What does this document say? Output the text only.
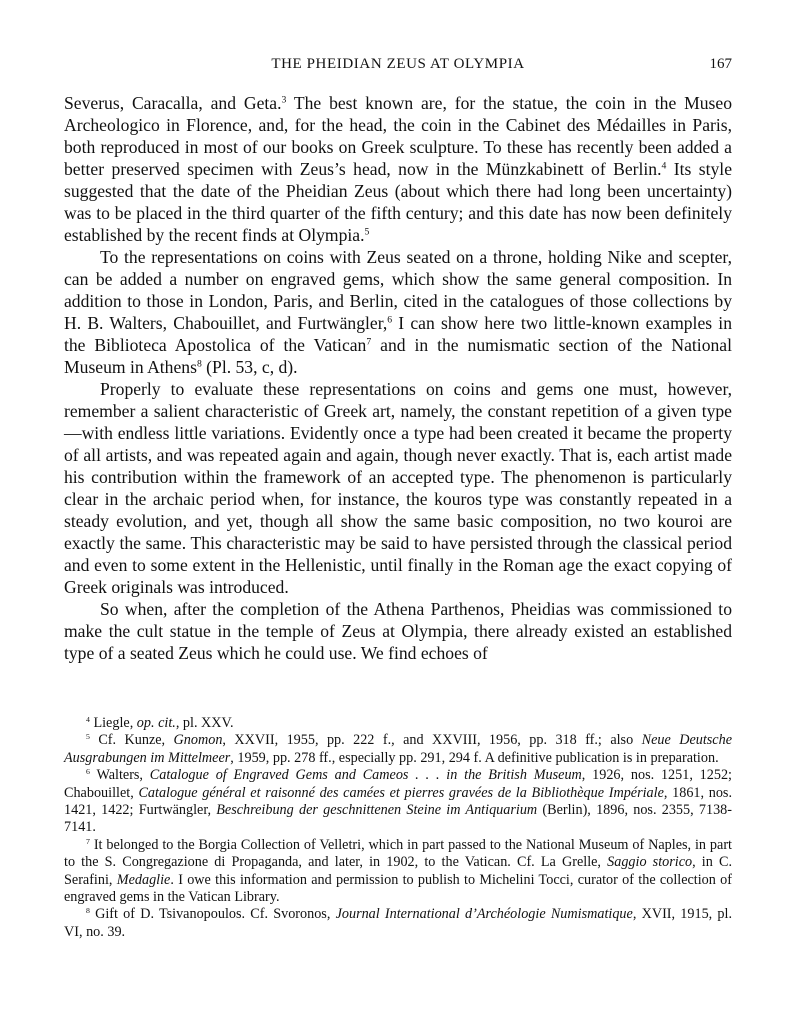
THE PHEIDIAN ZEUS AT OLYMPIA	167

Severus, Caracalla, and Geta.$^3$ The best known are, for the statue, the coin in the Museo Archeologico in Florence, and, for the head, the coin in the Cabinet des Médailles in Paris, both reproduced in most of our books on Greek sculpture. To these has recently been added a better preserved specimen with Zeus’s head, now in the Münzkabinett of Berlin.$^4$ Its style suggested that the date of the Pheidian Zeus (about which there had long been uncertainty) was to be placed in the third quarter of the fifth century; and this date has now been definitely established by the recent finds at Olympia.$^5$

To the representations on coins with Zeus seated on a throne, holding Nike and scepter, can be added a number on engraved gems, which show the same general composition. In addition to those in London, Paris, and Berlin, cited in the catalogues of those collections by H. B. Walters, Chabouillet, and Furtwängler,$^6$ I can show here two little-known examples in the Biblioteca Apostolica of the Vatican$^7$ and in the numismatic section of the National Museum in Athens$^8$ (Pl. 53, c, d).

Properly to evaluate these representations on coins and gems one must, however, remember a salient characteristic of Greek art, namely, the constant repetition of a given type—with endless little variations. Evidently once a type had been created it became the property of all artists, and was repeated again and again, though never exactly. That is, each artist made his contribution within the framework of an accepted type. The phenomenon is particularly clear in the archaic period when, for instance, the kouros type was constantly repeated in a steady evolution, and yet, though all show the same basic composition, no two kouroi are exactly the same. This characteristic may be said to have persisted through the classical period and even to some extent in the Hellenistic, until finally in the Roman age the exact copying of Greek originals was introduced.

So when, after the completion of the Athena Parthenos, Pheidias was commissioned to make the cult statue in the temple of Zeus at Olympia, there already existed an established type of a seated Zeus which he could use. We find echoes of

$^4$ Liegle, op. cit., pl. XXV.

$^5$ Cf. Kunze, Gnomon, XXVII, 1955, pp. 222 f., and XXVIII, 1956, pp. 318 ff.; also Neue Deutsche Ausgrabungen im Mittelmeer, 1959, pp. 278 ff., especially pp. 291, 294 f. A definitive publication is in preparation.

$^6$ Walters, Catalogue of Engraved Gems and Cameos . . . in the British Museum, 1926, nos. 1251, 1252; Chabouillet, Catalogue général et raisonné des camées et pierres gravées de la Bibliothèque Impériale, 1861, nos. 1421, 1422; Furtwängler, Beschreibung der geschnittenen Steine im Antiquarium (Berlin), 1896, nos. 2355, 7138-7141.

$^7$ It belonged to the Borgia Collection of Velletri, which in part passed to the National Museum of Naples, in part to the S. Congregazione di Propaganda, and later, in 1902, to the Vatican. Cf. La Grelle, Saggio storico, in C. Serafini, Medaglie. I owe this information and permission to publish to Michelini Tocci, curator of the collection of engraved gems in the Vatican Library.

$^8$ Gift of D. Tsivanopoulos. Cf. Svoronos, Journal International d’Archéologie Numismatique, XVII, 1915, pl. VI, no. 39.
